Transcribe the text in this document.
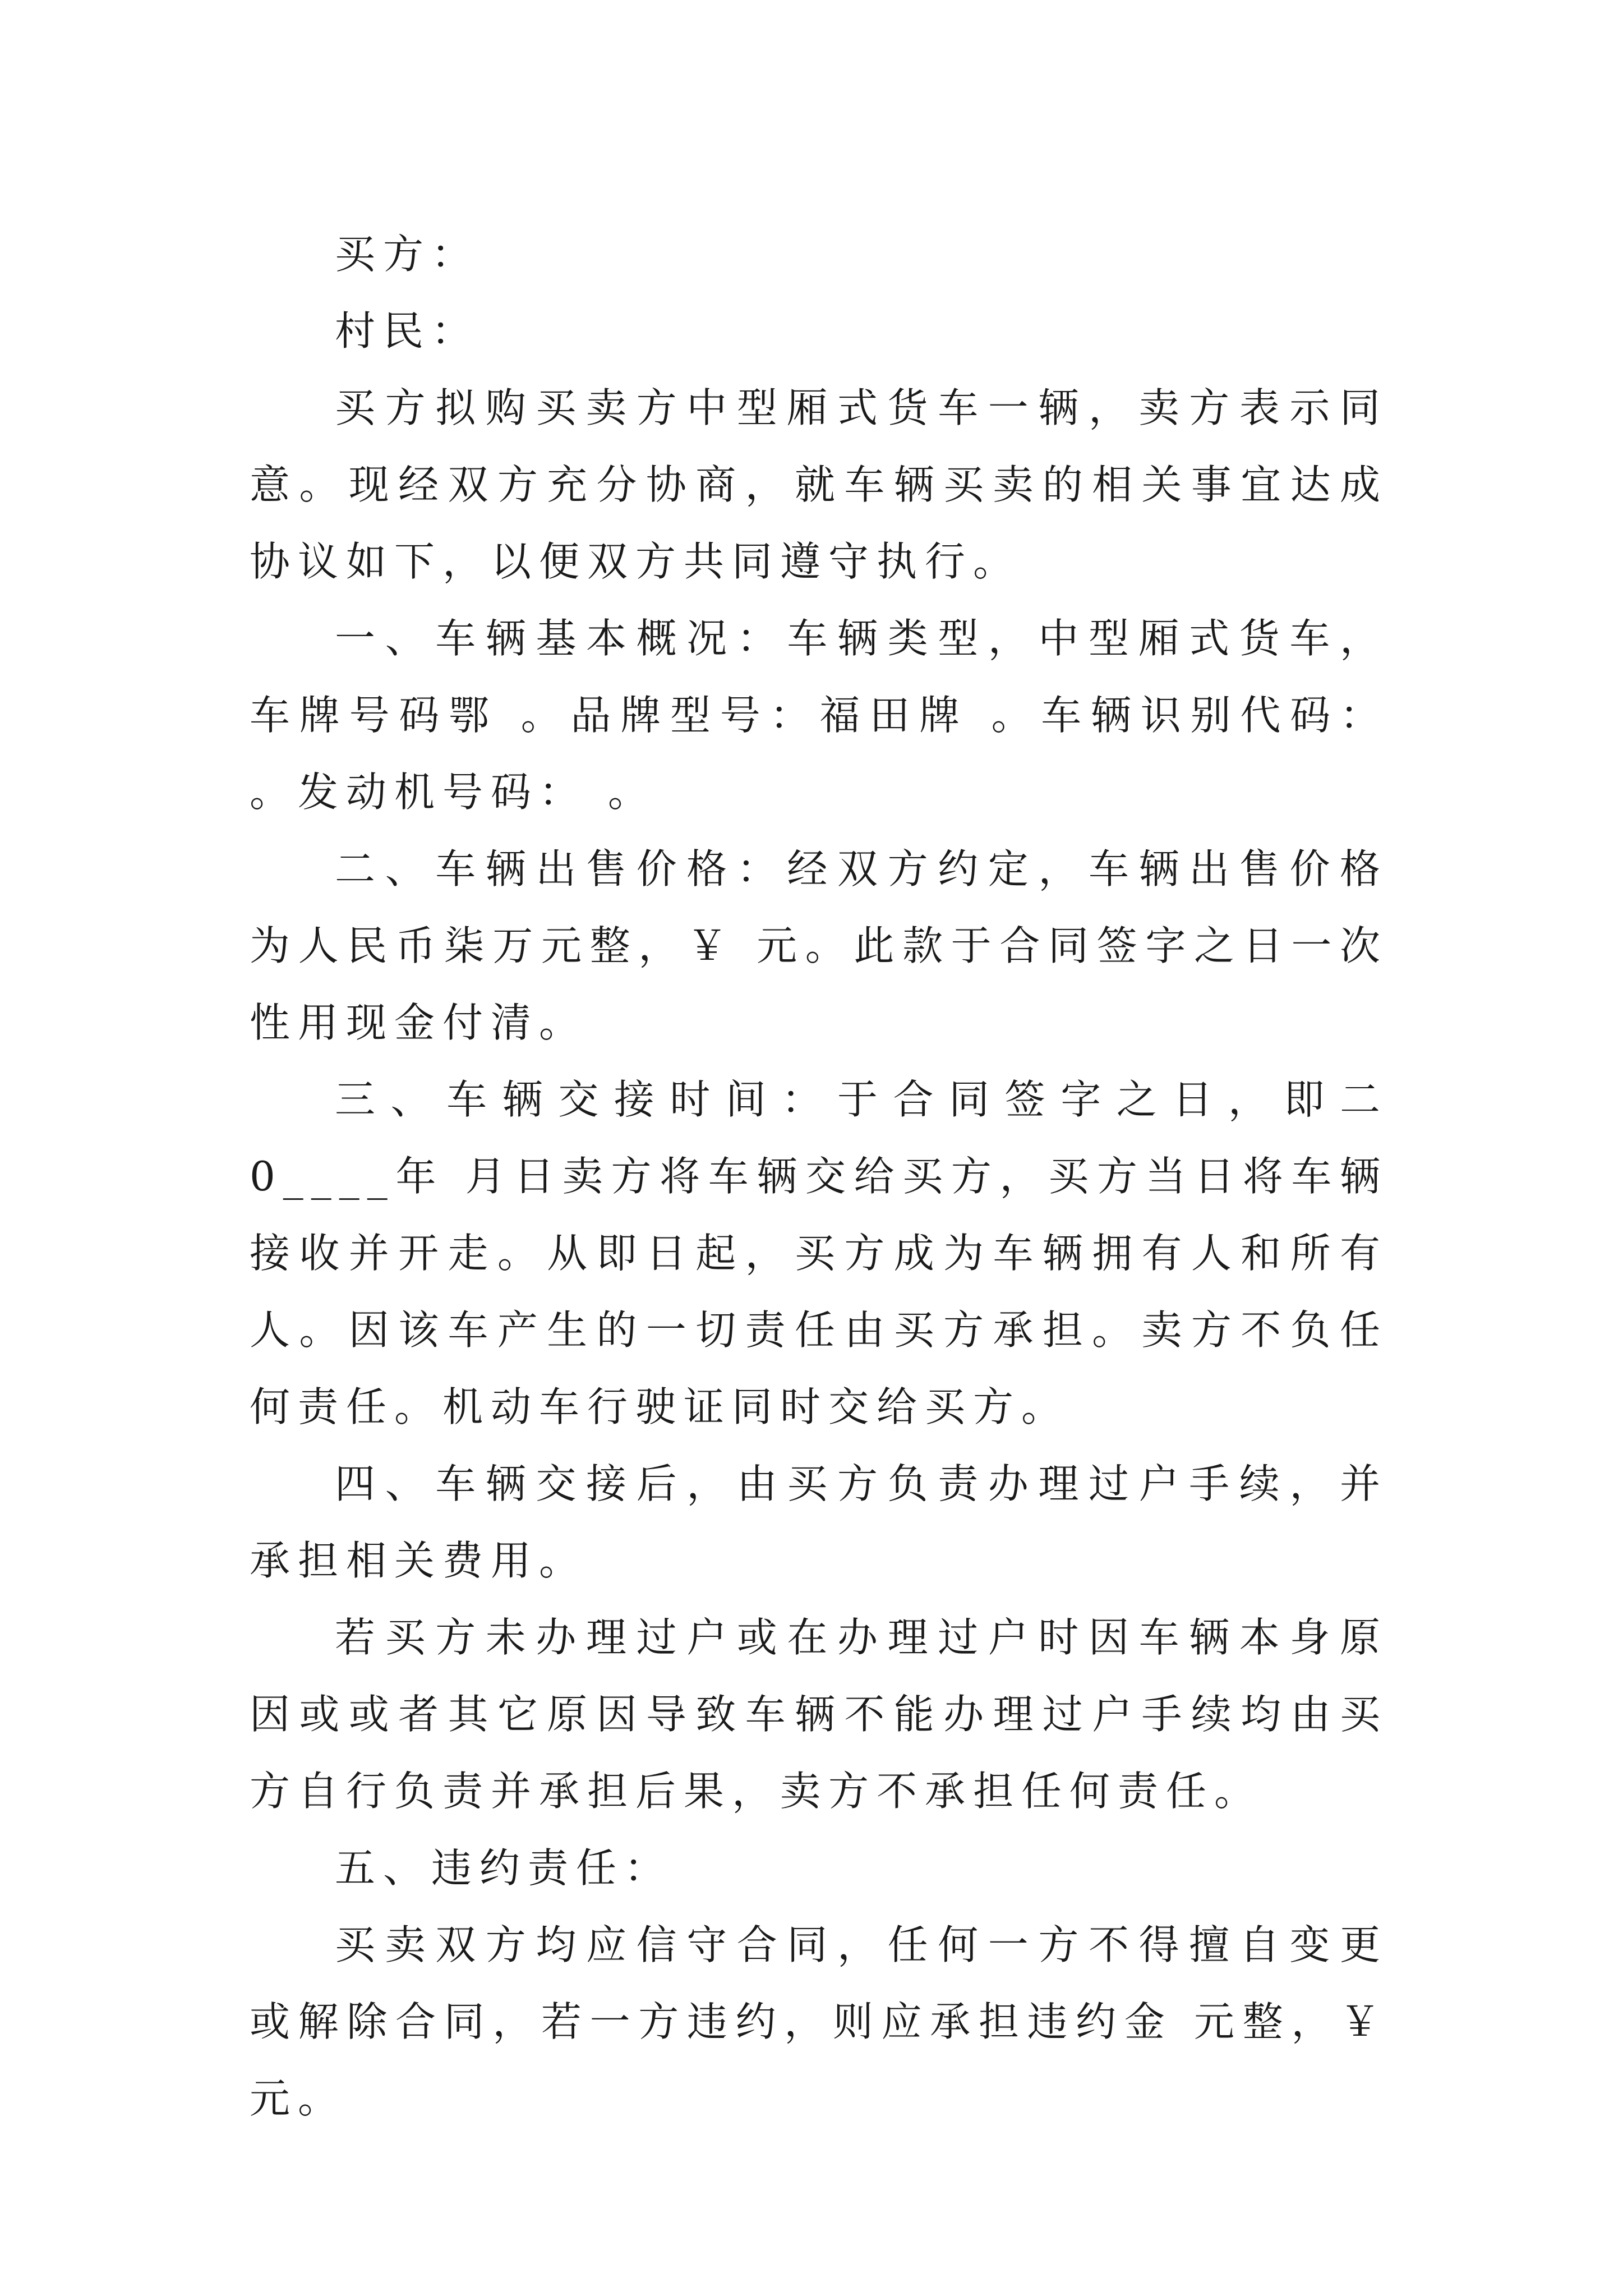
买方：

村民：

买方拟购买卖方中型厢式货车一辆，卖方表示同意。现经双方充分协商，就车辆买卖的相关事宜达成协议如下，以便双方共同遵守执行。

一、车辆基本概况：车辆类型，中型厢式货车，车牌号码鄂 。品牌型号：福田牌 。车辆识别代码： 。发动机号码： 。

二、车辆出售价格：经双方约定，车辆出售价格为人民币柒万元整，￥ 元。此款于合同签字之日一次性用现金付清。

三、车辆交接时间：于合同签字之日，即二0____年 月日卖方将车辆交给买方，买方当日将车辆接收并开走。从即日起，买方成为车辆拥有人和所有人。因该车产生的一切责任由买方承担。卖方不负任何责任。机动车行驶证同时交给买方。

四、车辆交接后，由买方负责办理过户手续，并承担相关费用。

若买方未办理过户或在办理过户时因车辆本身原因或或者其它原因导致车辆不能办理过户手续均由买方自行负责并承担后果，卖方不承担任何责任。

五、违约责任：

买卖双方均应信守合同，任何一方不得擅自变更或解除合同，若一方违约，则应承担违约金 元整，￥ 元。
